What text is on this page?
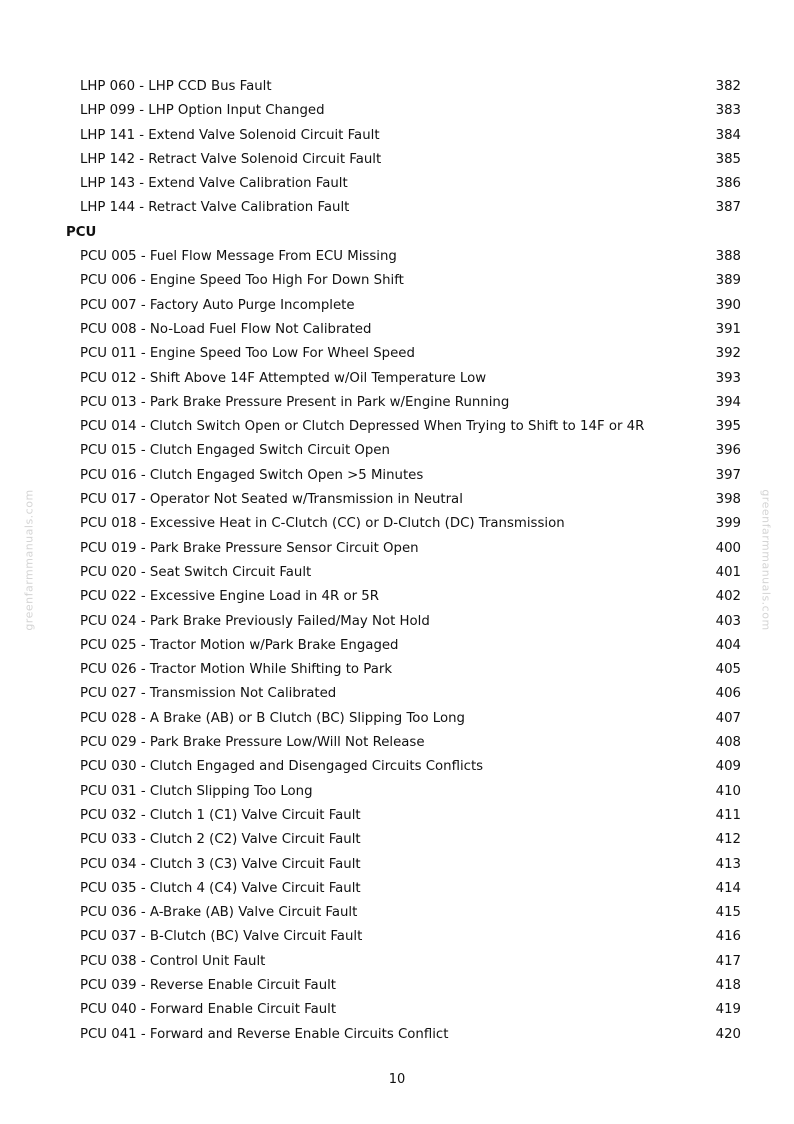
greenfarmmanuals.com	greenfarmmanuals.com
LHP 060 - LHP CCD Bus Fault	382
LHP 099 - LHP Option Input Changed	383
LHP 141 - Extend Valve Solenoid Circuit Fault	384
LHP 142 - Retract Valve Solenoid Circuit Fault	385
LHP 143 - Extend Valve Calibration Fault	386
LHP 144 - Retract Valve Calibration Fault	387
PCU
PCU 005 - Fuel Flow Message From ECU Missing	388
PCU 006 - Engine Speed Too High For Down Shift	389
PCU 007 - Factory Auto Purge Incomplete	390
PCU 008 - No-Load Fuel Flow Not Calibrated	391
PCU 011 - Engine Speed Too Low For Wheel Speed	392
PCU 012 - Shift Above 14F Attempted w/Oil Temperature Low	393
PCU 013 - Park Brake Pressure Present in Park w/Engine Running	394
PCU 014 - Clutch Switch Open or Clutch Depressed When Trying to Shift to 14F or 4R	395
PCU 015 - Clutch Engaged Switch Circuit Open	396
PCU 016 - Clutch Engaged Switch Open >5 Minutes	397
PCU 017 - Operator Not Seated w/Transmission in Neutral	398
PCU 018 - Excessive Heat in C-Clutch (CC) or D-Clutch (DC) Transmission	399
PCU 019 - Park Brake Pressure Sensor Circuit Open	400
PCU 020 - Seat Switch Circuit Fault	401
PCU 022 - Excessive Engine Load in 4R or 5R	402
PCU 024 - Park Brake Previously Failed/May Not Hold	403
PCU 025 - Tractor Motion w/Park Brake Engaged	404
PCU 026 - Tractor Motion While Shifting to Park	405
PCU 027 - Transmission Not Calibrated	406
PCU 028 - A Brake (AB) or B Clutch (BC) Slipping Too Long	407
PCU 029 - Park Brake Pressure Low/Will Not Release	408
PCU 030 - Clutch Engaged and Disengaged Circuits Conflicts	409
PCU 031 - Clutch Slipping Too Long	410
PCU 032 - Clutch 1 (C1) Valve Circuit Fault	411
PCU 033 - Clutch 2 (C2) Valve Circuit Fault	412
PCU 034 - Clutch 3 (C3) Valve Circuit Fault	413
PCU 035 - Clutch 4 (C4) Valve Circuit Fault	414
PCU 036 - A-Brake (AB) Valve Circuit Fault	415
PCU 037 - B-Clutch (BC) Valve Circuit Fault	416
PCU 038 - Control Unit Fault	417
PCU 039 - Reverse Enable Circuit Fault	418
PCU 040 - Forward Enable Circuit Fault	419
PCU 041 - Forward and Reverse Enable Circuits Conflict	420
10
